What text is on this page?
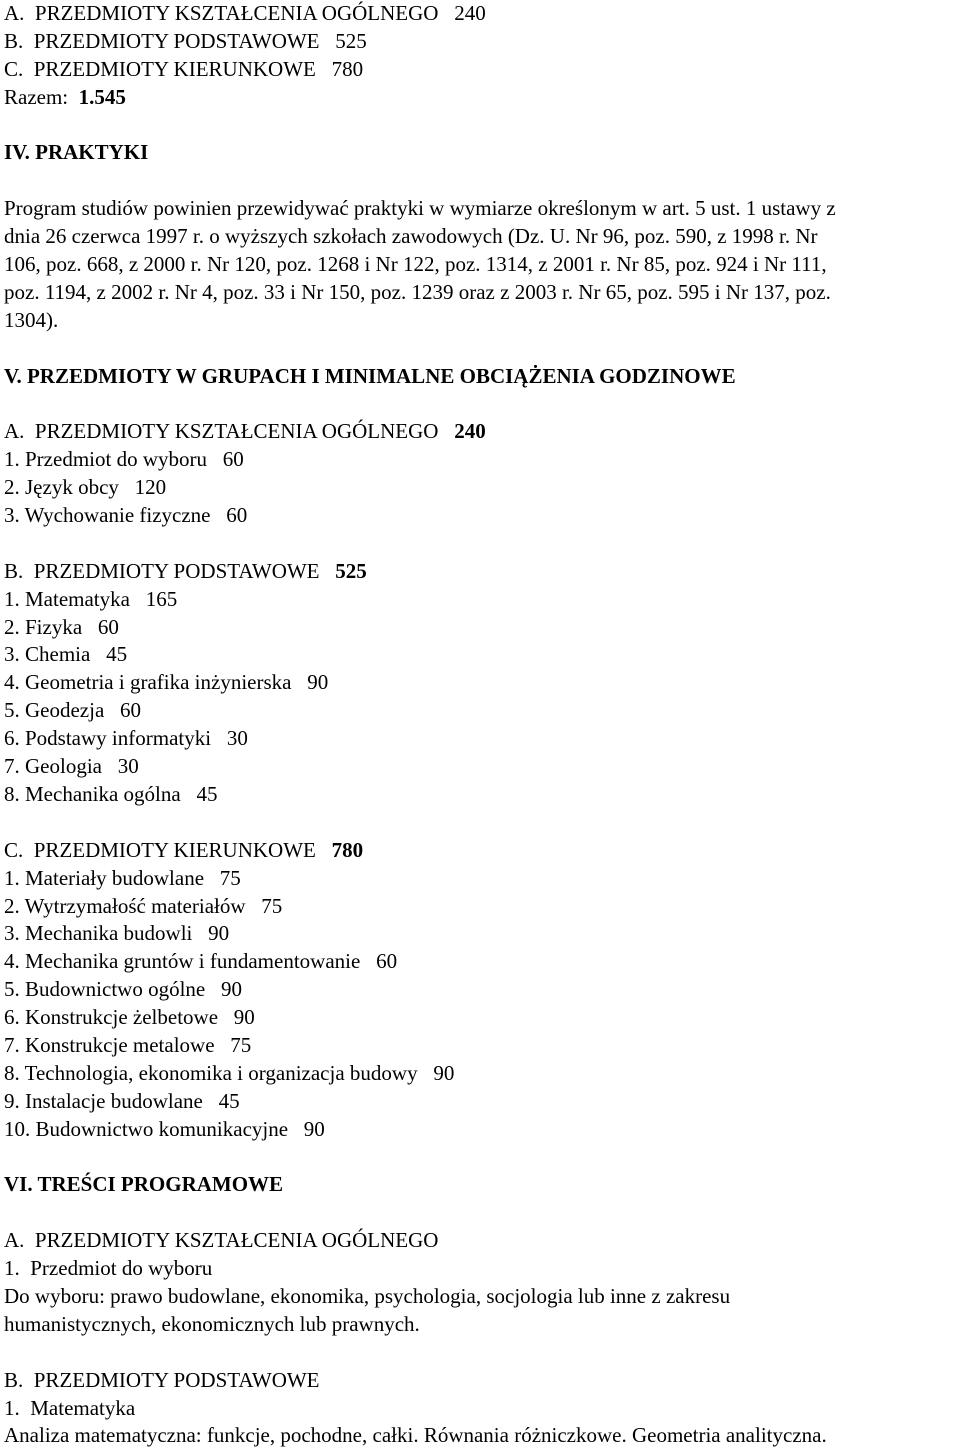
A.  PRZEDMIOTY KSZTAŁCENIA OGÓLNEGO 240
B.  PRZEDMIOTY PODSTAWOWE 525
C.  PRZEDMIOTY KIERUNKOWE 780
Razem: 1.545
IV. PRAKTYKI
Program studiów powinien przewidywać praktyki w wymiarze określonym w art. 5 ust. 1 ustawy z
dnia 26 czerwca 1997 r. o wyższych szkołach zawodowych (Dz. U. Nr 96, poz. 590, z 1998 r. Nr
106, poz. 668, z 2000 r. Nr 120, poz. 1268 i Nr 122, poz. 1314, z 2001 r. Nr 85, poz. 924 i Nr 111,
poz. 1194, z 2002 r. Nr 4, poz. 33 i Nr 150, poz. 1239 oraz z 2003 r. Nr 65, poz. 595 i Nr 137, poz.
1304).
V. PRZEDMIOTY W GRUPACH I MINIMALNE OBCIĄŻENIA GODZINOWE
A.  PRZEDMIOTY KSZTAŁCENIA OGÓLNEGO 240
1. Przedmiot do wyboru 60
2. Język obcy 120
3. Wychowanie fizyczne 60
B.  PRZEDMIOTY PODSTAWOWE 525
1. Matematyka 165
2. Fizyka 60
3. Chemia 45
4. Geometria i grafika inżynierska 90
5. Geodezja 60
6. Podstawy informatyki 30
7. Geologia 30
8. Mechanika ogólna 45
C.  PRZEDMIOTY KIERUNKOWE 780
1. Materiały budowlane 75
2. Wytrzymałość materiałów 75
3. Mechanika budowli 90
4. Mechanika gruntów i fundamentowanie 60
5. Budownictwo ogólne 90
6. Konstrukcje żelbetowe 90
7. Konstrukcje metalowe 75
8. Technologia, ekonomika i organizacja budowy 90
9. Instalacje budowlane 45
10. Budownictwo komunikacyjne 90
VI. TREŚCI PROGRAMOWE
A.  PRZEDMIOTY KSZTAŁCENIA OGÓLNEGO
1.  Przedmiot do wyboru
Do wyboru: prawo budowlane, ekonomika, psychologia, socjologia lub inne z zakresu
humanistycznych, ekonomicznych lub prawnych.
B.  PRZEDMIOTY PODSTAWOWE
1.  Matematyka
Analiza matematyczna: funkcje, pochodne, całki. Równania różniczkowe. Geometria analityczna.
